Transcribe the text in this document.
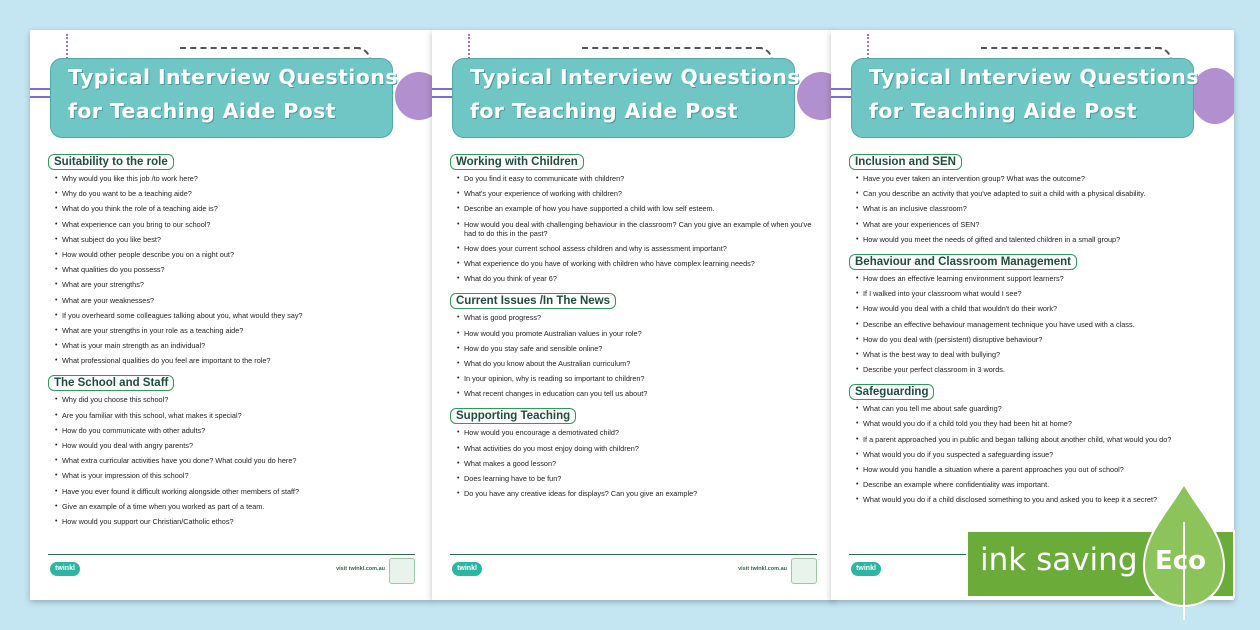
Typical Interview Questions
for Teaching Aide Post
Suitability to the role
• Why would you like this job /to work here?
• Why do you want to be a teaching aide?
• What do you think the role of a teaching aide is?
• What experience can you bring to our school?
• What subject do you like best?
• How would other people describe you on a night out?
• What qualities do you possess?
• What are your strengths?
• What are your weaknesses?
• If you overheard some colleagues talking about you, what would they say?
• What are your strengths in your role as a teaching aide?
• What is your main strength as an individual?
• What professional qualities do you feel are important to the role?
The School and Staff
• Why did you choose this school?
• Are you familiar with this school, what makes it special?
• How do you communicate with other adults?
• How would you deal with angry parents?
• What extra curricular activities have you done? What could you do here?
• What is your impression of this school?
• Have you ever found it difficult working alongside other members of staff?
• Give an example of a time when you worked as part of a team.
• How would you support our Christian/Catholic ethos?
twinkl	visit twinkl.com.au
Typical Interview Questions
for Teaching Aide Post
Working with Children
• Do you find it easy to communicate with children?
• What's your experience of working with children?
• Describe an example of how you have supported a child with low self esteem.
• How would you deal with challenging behaviour in the classroom? Can you give an example of when you've had to do this in the past?
• How does your current school assess children and why is assessment important?
• What experience do you have of working with children who have complex learning needs?
• What do you think of year 6?
Current Issues /In The News
• What is good progress?
• How would you promote Australian values in your role?
• How do you stay safe and sensible online?
• What do you know about the Australian curriculum?
• In your opinion, why is reading so important to children?
• What recent changes in education can you tell us about?
Supporting Teaching
• How would you encourage a demotivated child?
• What activities do you most enjoy doing with children?
• What makes a good lesson?
• Does learning have to be fun?
• Do you have any creative ideas for displays? Can you give an example?
twinkl	visit twinkl.com.au
Typical Interview Questions
for Teaching Aide Post
Inclusion and SEN
• Have you ever taken an intervention group? What was the outcome?
• Can you describe an activity that you've adapted to suit a child with a physical disability.
• What is an inclusive classroom?
• What are your experiences of SEN?
• How would you meet the needs of gifted and talented children in a small group?
Behaviour and Classroom Management
• How does an effective learning environment support learners?
• If I walked into your classroom what would I see?
• How would you deal with a child that wouldn't do their work?
• Describe an effective behaviour management technique you have used with a class.
• How do you deal with (persistent) disruptive behaviour?
• What is the best way to deal with bullying?
• Describe your perfect classroom in 3 words.
Safeguarding
• What can you tell me about safe guarding?
• What would you do if a child told you they had been hit at home?
• If a parent approached you in public and began talking about another child, what would you do?
• What would you do if you suspected a safeguarding issue?
• How would you handle a situation where a parent approaches you out of school?
• Describe an example where confidentiality was important.
• What would you do if a child disclosed something to you and asked you to keep it a secret?
twinkl	ink saving Eco
